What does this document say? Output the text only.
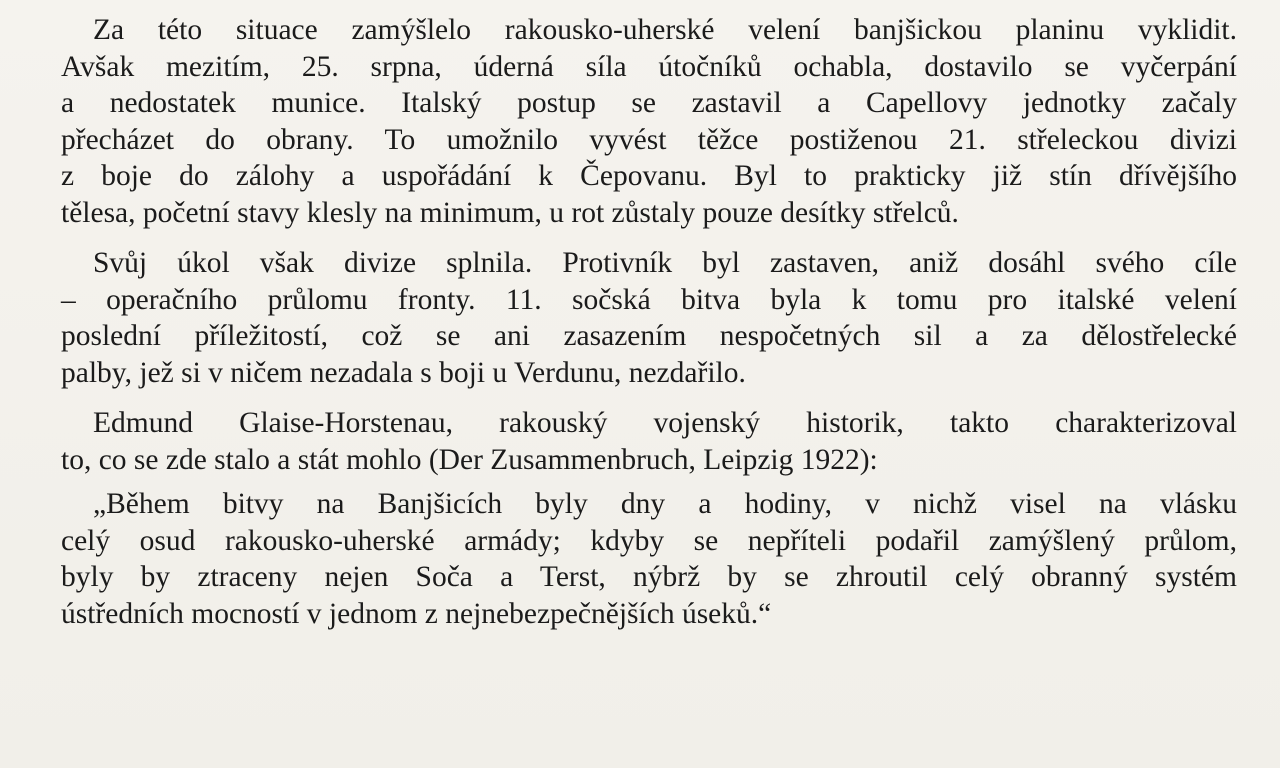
Za této situace zamýšlelo rakousko-uherské velení banjšickou planinu vyklidit.
Avšak mezitím, 25. srpna, úderná síla útočníků ochabla, dostavilo se vyčerpání
a nedostatek munice. Italský postup se zastavil a Capellovy jednotky začaly
přecházet do obrany. To umožnilo vyvést těžce postiženou 21. střeleckou divizi
z boje do zálohy a uspořádání k Čepovanu. Byl to prakticky již stín dřívějšího
tělesa, početní stavy klesly na minimum, u rot zůstaly pouze desítky střelců.

Svůj úkol však divize splnila. Protivník byl zastaven, aniž dosáhl svého cíle
– operačního průlomu fronty. 11. sočská bitva byla k tomu pro italské velení
poslední příležitostí, což se ani zasazením nespočetných sil a za dělostřelecké
palby, jež si v ničem nezadala s boji u Verdunu, nezdařilo.

Edmund Glaise-Horstenau, rakouský vojenský historik, takto charakterizoval
to, co se zde stalo a stát mohlo (Der Zusammenbruch, Leipzig 1922):

„Během bitvy na Banjšicích byly dny a hodiny, v nichž visel na vlásku
celý osud rakousko-uherské armády; kdyby se nepříteli podařil zamýšlený průlom,
byly by ztraceny nejen Soča a Terst, nýbrž by se zhroutil celý obranný systém
ústředních mocností v jednom z nejnebezpečnějších úseků.“
